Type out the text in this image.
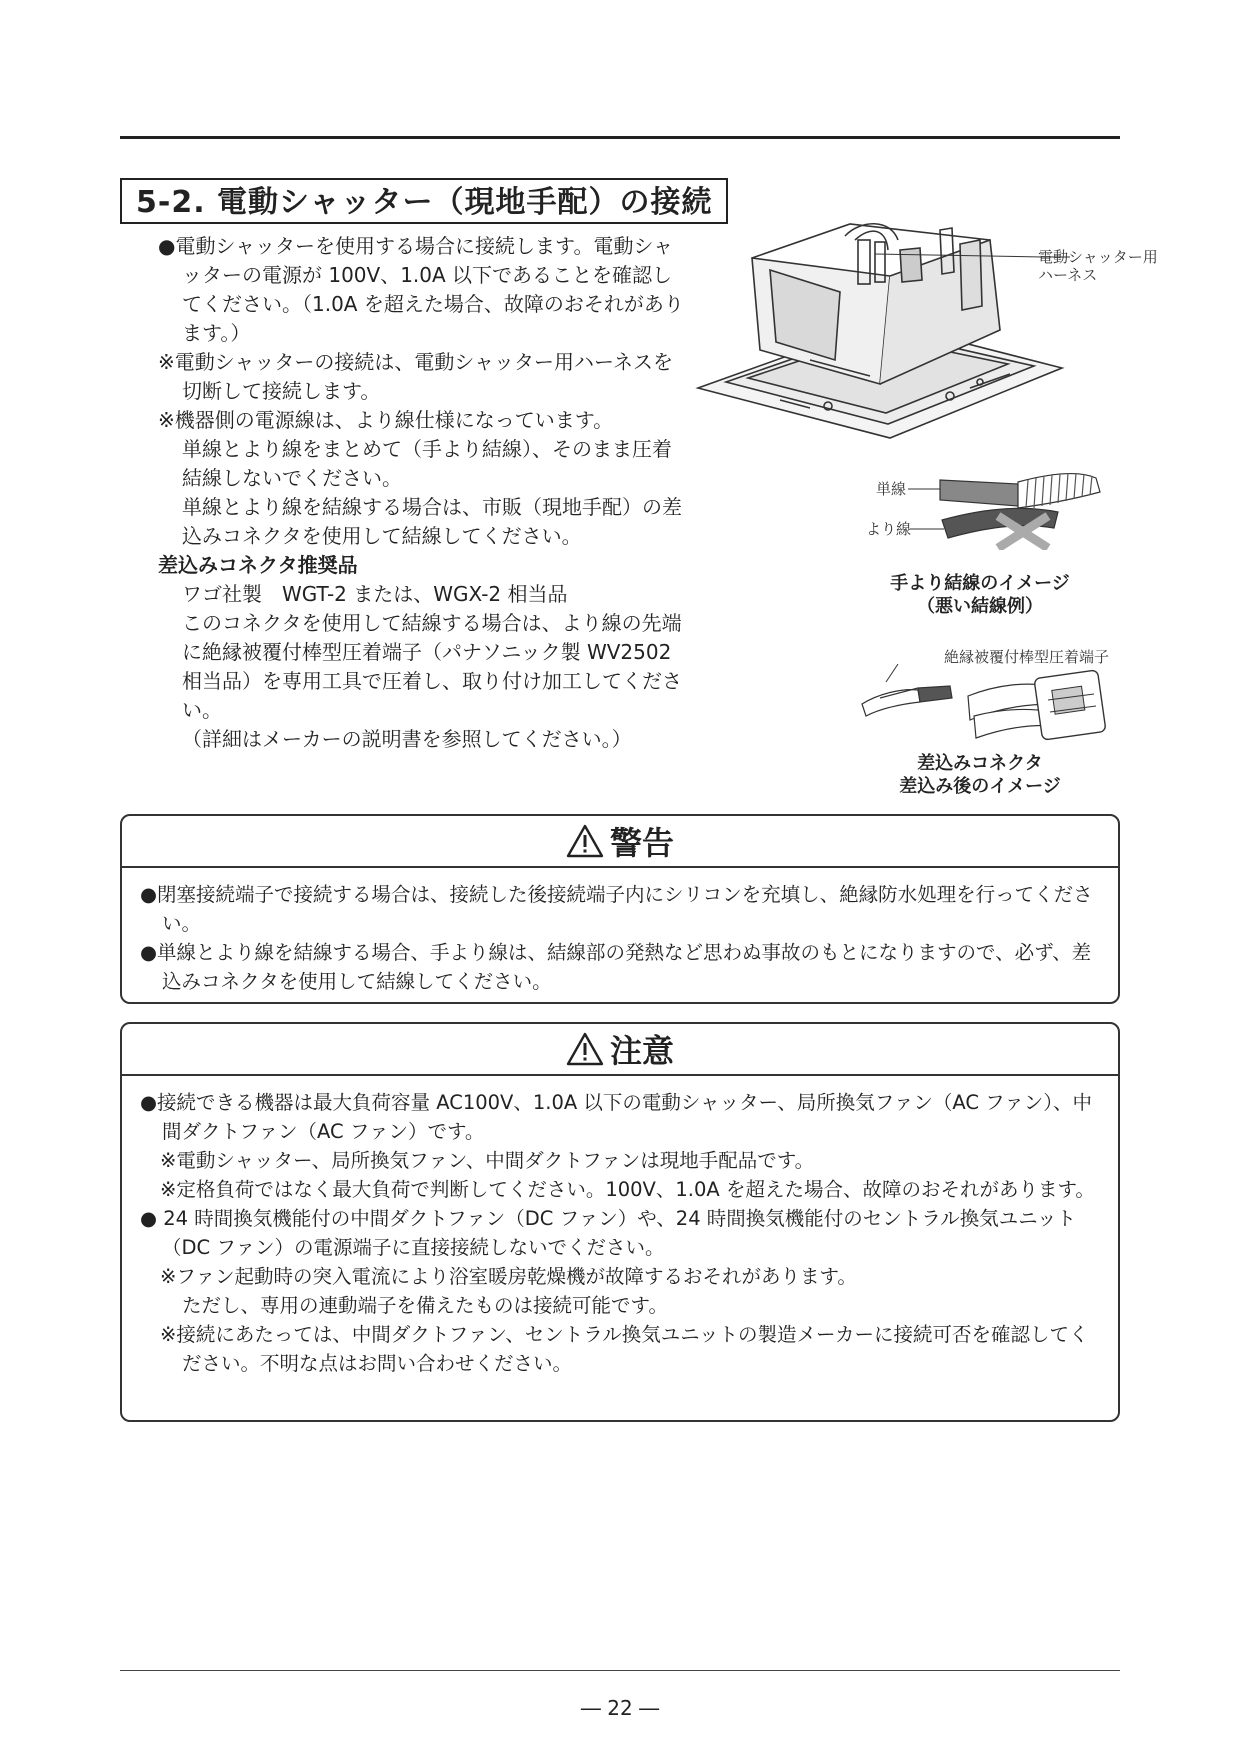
5-2. 電動シャッター（現地手配）の接続

●電動シャッターを使用する場合に接続します。電動シャッターの電源が 100V、1.0A 以下であることを確認してください。（1.0A を超えた場合、故障のおそれがあります。）

※電動シャッターの接続は、電動シャッター用ハーネスを切断して接続します。

※機器側の電源線は、より線仕様になっています。

単線とより線をまとめて（手より結線）、そのまま圧着結線しないでください。

単線とより線を結線する場合は、市販（現地手配）の差込みコネクタを使用して結線してください。

差込みコネクタ推奨品

ワゴ社製　WGT-2 または、WGX-2 相当品

このコネクタを使用して結線する場合は、より線の先端に絶縁被覆付棒型圧着端子（パナソニック製 WV2502 相当品）を専用工具で圧着し、取り付け加工してください。

（詳細はメーカーの説明書を参照してください。）

電動シャッター用
ハーネス
単線
より線
手より結線のイメージ
（悪い結線例）
絶縁被覆付棒型圧着端子
差込みコネクタ
差込み後のイメージ
警告

●閉塞接続端子で接続する場合は、接続した後接続端子内にシリコンを充填し、絶縁防水処理を行ってください。

●単線とより線を結線する場合、手より線は、結線部の発熱など思わぬ事故のもとになりますので、必ず、差込みコネクタを使用して結線してください。

注意

●接続できる機器は最大負荷容量 AC100V、1.0A 以下の電動シャッター、局所換気ファン（AC ファン）、中間ダクトファン（AC ファン）です。

※電動シャッター、局所換気ファン、中間ダクトファンは現地手配品です。

※定格負荷ではなく最大負荷で判断してください。100V、1.0A を超えた場合、故障のおそれがあります。

● 24 時間換気機能付の中間ダクトファン（DC ファン）や、24 時間換気機能付のセントラル換気ユニット（DC ファン）の電源端子に直接接続しないでください。

※ファン起動時の突入電流により浴室暖房乾燥機が故障するおそれがあります。

ただし、専用の連動端子を備えたものは接続可能です。

※接続にあたっては、中間ダクトファン、セントラル換気ユニットの製造メーカーに接続可否を確認してください。不明な点はお問い合わせください。

― 22 ―
